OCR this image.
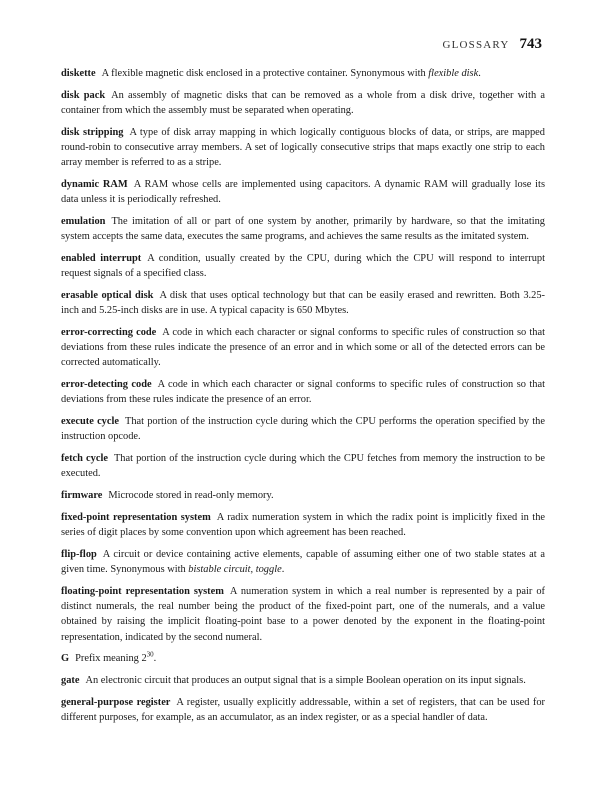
GLOSSARY 743

diskette A flexible magnetic disk enclosed in a protective container. Synonymous with flexible disk.

disk pack An assembly of magnetic disks that can be removed as a whole from a disk drive, together with a container from which the assembly must be separated when operating.

disk stripping A type of disk array mapping in which logically contiguous blocks of data, or strips, are mapped round-robin to consecutive array members. A set of logically consecutive strips that maps exactly one strip to each array member is referred to as a stripe.

dynamic RAM A RAM whose cells are implemented using capacitors. A dynamic RAM will gradually lose its data unless it is periodically refreshed.

emulation The imitation of all or part of one system by another, primarily by hardware, so that the imitating system accepts the same data, executes the same programs, and achieves the same results as the imitated system.

enabled interrupt A condition, usually created by the CPU, during which the CPU will respond to interrupt request signals of a specified class.

erasable optical disk A disk that uses optical technology but that can be easily erased and rewritten. Both 3.25-inch and 5.25-inch disks are in use. A typical capacity is 650 Mbytes.

error-correcting code A code in which each character or signal conforms to specific rules of construction so that deviations from these rules indicate the presence of an error and in which some or all of the detected errors can be corrected automatically.

error-detecting code A code in which each character or signal conforms to specific rules of construction so that deviations from these rules indicate the presence of an error.

execute cycle That portion of the instruction cycle during which the CPU performs the operation specified by the instruction opcode.

fetch cycle That portion of the instruction cycle during which the CPU fetches from memory the instruction to be executed.

firmware Microcode stored in read-only memory.

fixed-point representation system A radix numeration system in which the radix point is implicitly fixed in the series of digit places by some convention upon which agreement has been reached.

flip-flop A circuit or device containing active elements, capable of assuming either one of two stable states at a given time. Synonymous with bistable circuit, toggle.

floating-point representation system A numeration system in which a real number is represented by a pair of distinct numerals, the real number being the product of the fixed-point part, one of the numerals, and a value obtained by raising the implicit floating-point base to a power denoted by the exponent in the floating-point representation, indicated by the second numeral.

G Prefix meaning $2^{30}$.

gate An electronic circuit that produces an output signal that is a simple Boolean operation on its input signals.

general-purpose register A register, usually explicitly addressable, within a set of registers, that can be used for different purposes, for example, as an accumulator, as an index register, or as a special handler of data.
